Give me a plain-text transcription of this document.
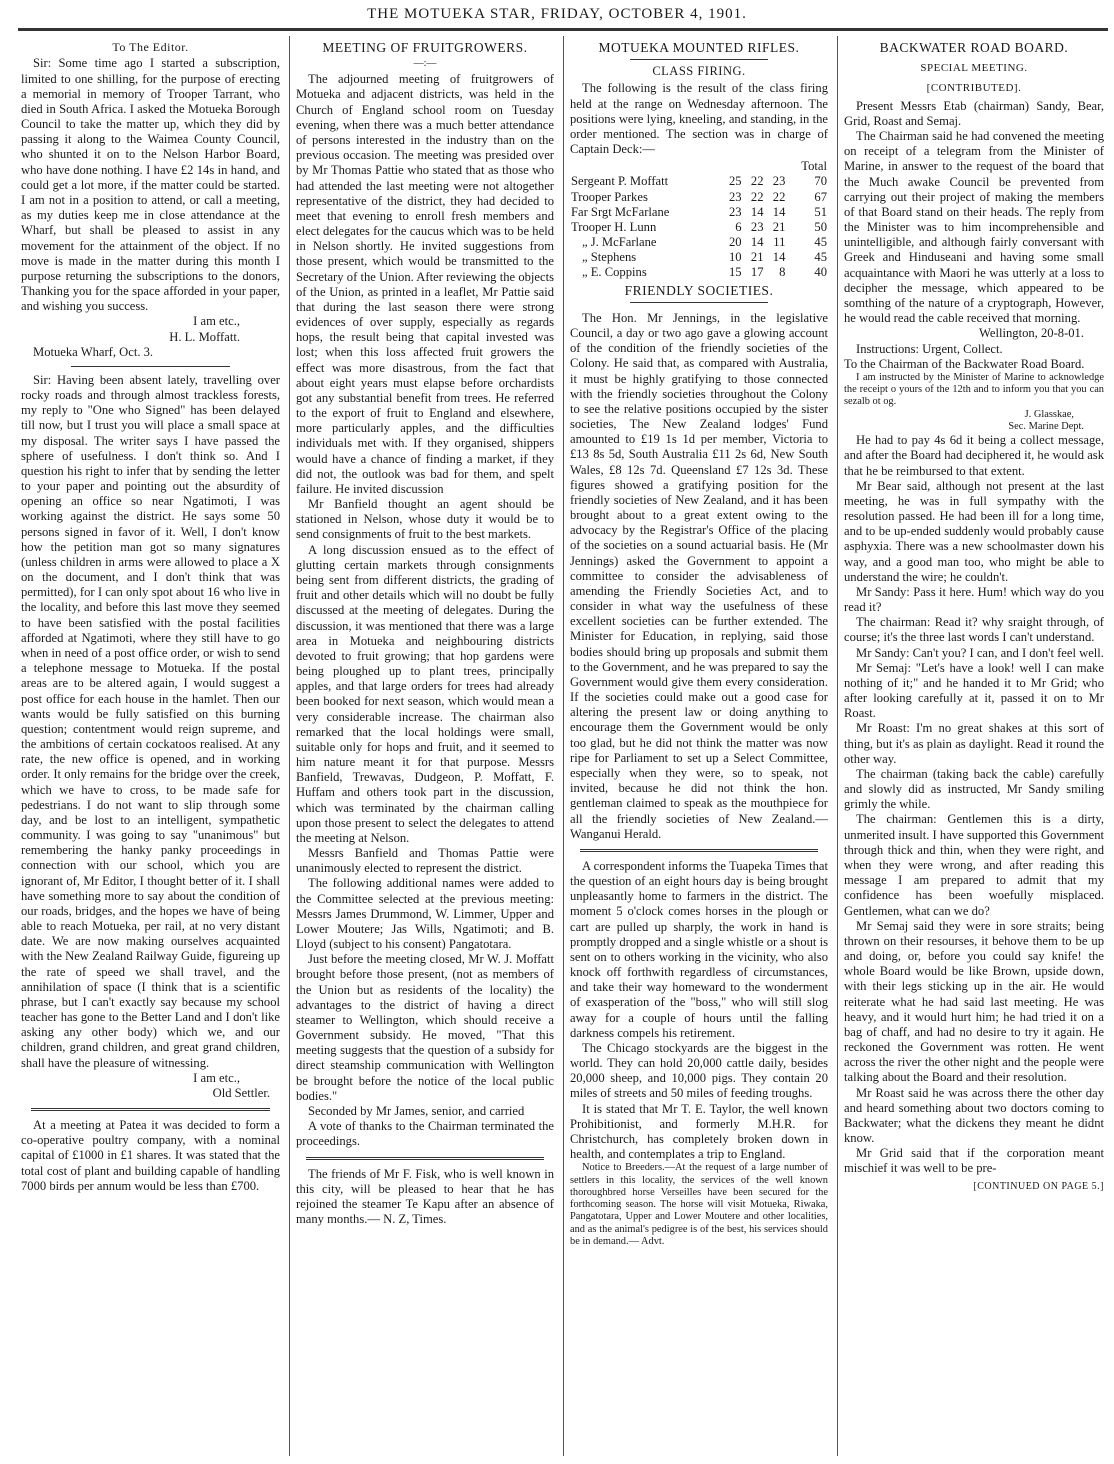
THE MOTUEKA STAR, FRIDAY, OCTOBER 4, 1901.
To The Editor.

Sir: Some time ago I started a subscription, limited to one shilling, for the purpose of erecting a memorial in memory of Trooper Tarrant, who died in South Africa. I asked the Motueka Borough Council to take the matter up, which they did by passing it along to the Waimea County Council, who shunted it on to the Nelson Harbor Board, who have done nothing. I have £2 14s in hand, and could get a lot more, if the matter could be started. I am not in a position to attend, or call a meeting, as my duties keep me in close attendance at the Wharf, but shall be pleased to assist in any movement for the attainment of the object. If no move is made in the matter during this month I purpose returning the subscriptions to the donors, Thanking you for the space afforded in your paper, and wishing you success.

I am etc.,

H. L. Moffatt.

Motueka Wharf, Oct. 3.

Sir: Having been absent lately, travelling over rocky roads and through almost trackless forests, my reply to "One who Signed" has been delayed till now, but I trust you will place a small space at my disposal. The writer says I have passed the sphere of usefulness. I don't think so. And I question his right to infer that by sending the letter to your paper and pointing out the absurdity of opening an office so near Ngatimoti, I was working against the district. He says some 50 persons signed in favor of it. Well, I don't know how the petition man got so many signatures (unless children in arms were allowed to place a X on the document, and I don't think that was permitted), for I can only spot about 16 who live in the locality, and before this last move they seemed to have been satisfied with the postal facilities afforded at Ngatimoti, where they still have to go when in need of a post office order, or wish to send a telephone message to Motueka. If the postal areas are to be altered again, I would suggest a post office for each house in the hamlet. Then our wants would be fully satisfied on this burning question; contentment would reign supreme, and the ambitions of certain cockatoos realised. At any rate, the new office is opened, and in working order. It only remains for the bridge over the creek, which we have to cross, to be made safe for pedestrians. I do not want to slip through some day, and be lost to an intelligent, sympathetic community. I was going to say "unanimous" but remembering the hanky panky proceedings in connection with our school, which you are ignorant of, Mr Editor, I thought better of it. I shall have something more to say about the condition of our roads, bridges, and the hopes we have of being able to reach Motueka, per rail, at no very distant date. We are now making ourselves acquainted with the New Zealand Railway Guide, figureing up the rate of speed we shall travel, and the annihilation of space (I think that is a scientific phrase, but I can't exactly say because my school teacher has gone to the Better Land and I don't like asking any other body) which we, and our children, grand children, and great grand children, shall have the pleasure of witnessing.

I am etc.,

Old Settler.

At a meeting at Patea it was decided to form a co-operative poultry company, with a nominal capital of £1000 in £1 shares. It was stated that the total cost of plant and building capable of handling 7000 birds per annum would be less than £700.

MEETING OF FRUITGROWERS.
—:—

The adjourned meeting of fruitgrowers of Motueka and adjacent districts, was held in the Church of England school room on Tuesday evening, when there was a much better attendance of persons interested in the industry than on the previous occasion. The meeting was presided over by Mr Thomas Pattie who stated that as those who had attended the last meeting were not altogether representative of the district, they had decided to meet that evening to enroll fresh members and elect delegates for the caucus which was to be held in Nelson shortly. He invited suggestions from those present, which would be transmitted to the Secretary of the Union. After reviewing the objects of the Union, as printed in a leaflet, Mr Pattie said that during the last season there were strong evidences of over supply, especially as regards hops, the result being that capital invested was lost; when this loss affected fruit growers the effect was more disastrous, from the fact that about eight years must elapse before orchardists got any substantial benefit from trees. He referred to the export of fruit to England and elsewhere, more particularly apples, and the difficulties individuals met with. If they organised, shippers would have a chance of finding a market, if they did not, the outlook was bad for them, and spelt failure. He invited discussion

Mr Banfield thought an agent should be stationed in Nelson, whose duty it would be to send consignments of fruit to the best markets.

A long discussion ensued as to the effect of glutting certain markets through consignments being sent from different districts, the grading of fruit and other details which will no doubt be fully discussed at the meeting of delegates. During the discussion, it was mentioned that there was a large area in Motueka and neighbouring districts devoted to fruit growing; that hop gardens were being ploughed up to plant trees, principally apples, and that large orders for trees had already been booked for next season, which would mean a very considerable increase. The chairman also remarked that the local holdings were small, suitable only for hops and fruit, and it seemed to him nature meant it for that purpose. Messrs Banfield, Trewavas, Dudgeon, P. Moffatt, F. Huffam and others took part in the discussion, which was terminated by the chairman calling upon those present to select the delegates to attend the meeting at Nelson.

Messrs Banfield and Thomas Pattie were unanimously elected to represent the district.

The following additional names were added to the Committee selected at the previous meeting: Messrs James Drummond, W. Limmer, Upper and Lower Moutere; Jas Wills, Ngatimoti; and B. Lloyd (subject to his consent) Pangatotara.

Just before the meeting closed, Mr W. J. Moffatt brought before those present, (not as members of the Union but as residents of the locality) the advantages to the district of having a direct steamer to Wellington, which should receive a Government subsidy. He moved, "That this meeting suggests that the question of a subsidy for direct steamship communication with Wellington be brought before the notice of the local public bodies."

Seconded by Mr James, senior, and carried

A vote of thanks to the Chairman terminated the proceedings.

The friends of Mr F. Fisk, who is well known in this city, will be pleased to hear that he has rejoined the steamer Te Kapu after an absence of many months.— N. Z, Times.

MOTUEKA MOUNTED RIFLES.
CLASS FIRING.

The following is the result of the class firing held at the range on Wednesday afternoon. The positions were lying, kneeling, and standing, in the order mentioned. The section was in charge of Captain Deck:—

				Total
Sergeant P. Moffatt	25	22	23	70
Trooper Parkes	23	22	22	67
Far Srgt McFarlane	23	14	14	51
Trooper H. Lunn	6	23	21	50
„ J. McFarlane	20	14	11	45
„ Stephens	10	21	14	45
„ E. Coppins	15	17	8	40
FRIENDLY SOCIETIES.

The Hon. Mr Jennings, in the legislative Council, a day or two ago gave a glowing account of the condition of the friendly societies of the Colony. He said that, as compared with Australia, it must be highly gratifying to those connected with the friendly societies throughout the Colony to see the relative positions occupied by the sister societies, The New Zealand lodges' Fund amounted to £19 1s 1d per member, Victoria to £13 8s 5d, South Australia £11 2s 6d, New South Wales, £8 12s 7d. Queensland £7 12s 3d. These figures showed a gratifying position for the friendly societies of New Zealand, and it has been brought about to a great extent owing to the advocacy by the Registrar's Office of the placing of the societies on a sound actuarial basis. He (Mr Jennings) asked the Government to appoint a committee to consider the advisableness of amending the Friendly Societies Act, and to consider in what way the usefulness of these excellent societies can be further extended. The Minister for Education, in replying, said those bodies should bring up proposals and submit them to the Government, and he was prepared to say the Government would give them every consideration. If the societies could make out a good case for altering the present law or doing anything to encourage them the Government would be only too glad, but he did not think the matter was now ripe for Parliament to set up a Select Committee, especially when they were, so to speak, not invited, because he did not think the hon. gentleman claimed to speak as the mouthpiece for all the friendly societies of New Zealand.— Wanganui Herald.

A correspondent informs the Tuapeka Times that the question of an eight hours day is being brought unpleasantly home to farmers in the district. The moment 5 o'clock comes horses in the plough or cart are pulled up sharply, the work in hand is promptly dropped and a single whistle or a shout is sent on to others working in the vicinity, who also knock off forthwith regardless of circumstances, and take their way homeward to the wonderment of exasperation of the "boss," who will still slog away for a couple of hours until the falling darkness compels his retirement.

The Chicago stockyards are the biggest in the world. They can hold 20,000 cattle daily, besides 20,000 sheep, and 10,000 pigs. They contain 20 miles of streets and 50 miles of feeding troughs.

It is stated that Mr T. E. Taylor, the well known Prohibitionist, and formerly M.H.R. for Christchurch, has completely broken down in health, and contemplates a trip to England.

Notice to Breeders.—At the request of a large number of settlers in this locality, the services of the well known thoroughbred horse Verseilles have been secured for the forthcoming season. The horse will visit Motueka, Riwaka, Pangatotara, Upper and Lower Moutere and other localities, and as the animal's pedigree is of the best, his services should be in demand.— Advt.

BACKWATER ROAD BOARD.
SPECIAL MEETING.
[CONTRIBUTED].

Present Messrs Etab (chairman) Sandy, Bear, Grid, Roast and Semaj.

The Chairman said he had convened the meeting on receipt of a telegram from the Minister of Marine, in answer to the request of the board that the Much awake Council be prevented from carrying out their project of making the members of that Board stand on their heads. The reply from the Minister was to him incomprehensible and unintelligible, and although fairly conversant with Greek and Hinduseani and having some small acquaintance with Maori he was utterly at a loss to decipher the message, which appeared to be somthing of the nature of a cryptograph, However, he would read the cable received that morning.

Wellington, 20-8-01.

Instructions: Urgent, Collect.

To the Chairman of the Backwater Road Board.

I am instructed by the Minister of Marine to acknowledge the receipt o yours of the 12th and to inform you that you can sezalb ot og.

J. Glasskae,

Sec. Marine Dept.

He had to pay 4s 6d it being a collect message, and after the Board had deciphered it, he would ask that he be reimbursed to that extent.

Mr Bear said, although not present at the last meeting, he was in full sympathy with the resolution passed. He had been ill for a long time, and to be up-ended suddenly would probably cause asphyxia. There was a new schoolmaster down his way, and a good man too, who might be able to understand the wire; he couldn't.

Mr Sandy: Pass it here. Hum! which way do you read it?

The chairman: Read it? why sraight through, of course; it's the three last words I can't understand.

Mr Sandy: Can't you? I can, and I don't feel well.

Mr Semaj: "Let's have a look! well I can make nothing of it;" and he handed it to Mr Grid; who after looking carefully at it, passed it on to Mr Roast.

Mr Roast: I'm no great shakes at this sort of thing, but it's as plain as daylight. Read it round the other way.

The chairman (taking back the cable) carefully and slowly did as instructed, Mr Sandy smiling grimly the while.

The chairman: Gentlemen this is a dirty, unmerited insult. I have supported this Government through thick and thin, when they were right, and when they were wrong, and after reading this message I am prepared to admit that my confidence has been woefully misplaced. Gentlemen, what can we do?

Mr Semaj said they were in sore straits; being thrown on their resourses, it behove them to be up and doing, or, before you could say knife! the whole Board would be like Brown, upside down, with their legs sticking up in the air. He would reiterate what he had said last meeting. He was heavy, and it would hurt him; he had tried it on a bag of chaff, and had no desire to try it again. He reckoned the Government was rotten. He went across the river the other night and the people were talking about the Board and their resolution.

Mr Roast said he was across there the other day and heard something about two doctors coming to Backwater; what the dickens they meant he didnt know.

Mr Grid said that if the corporation meant mischief it was well to be pre-

[CONTINUED ON PAGE 5.]
